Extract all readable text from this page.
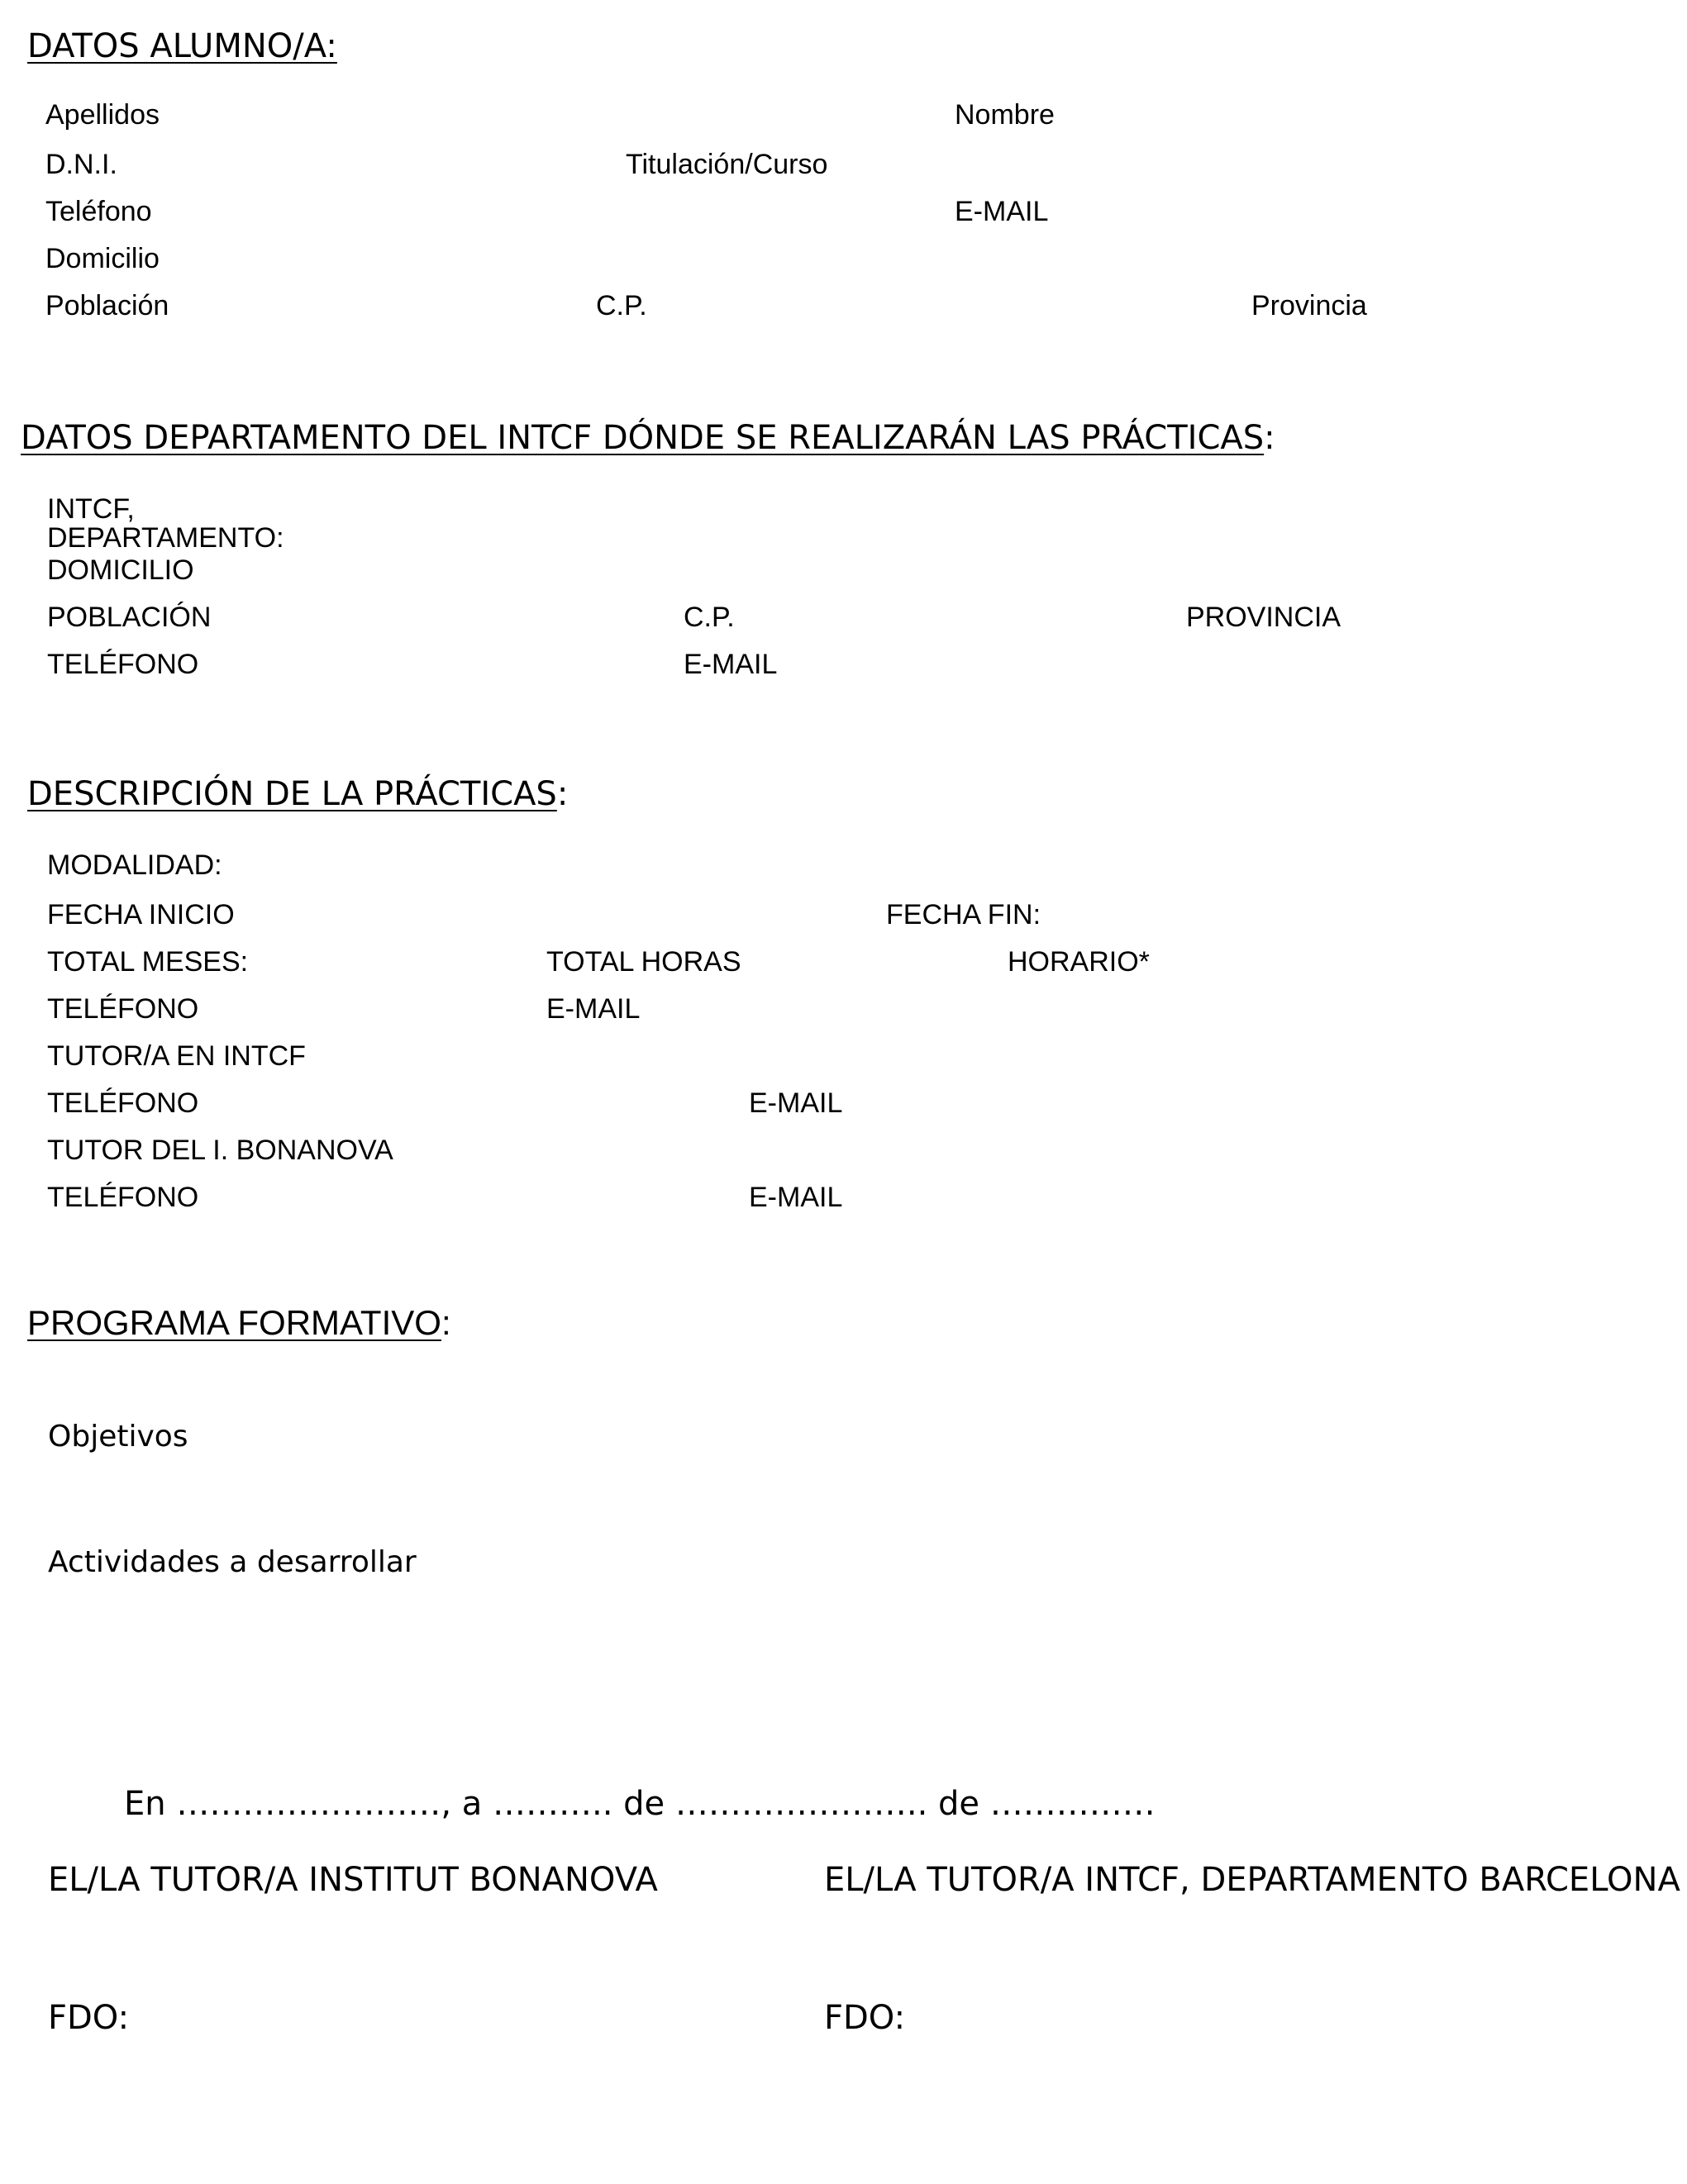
DATOS ALUMNO/A:
Apellidos	Nombre
D.N.I.	Titulación/Curso
Teléfono	E-MAIL
Domicilio
Población	C.P.	Provincia
DATOS DEPARTAMENTO DEL INTCF DÓNDE SE REALIZARÁN LAS PRÁCTICAS:
INTCF,
DEPARTAMENTO:
DOMICILIO
POBLACIÓN	C.P.	PROVINCIA
TELÉFONO	E-MAIL
DESCRIPCIÓN DE LA PRÁCTICAS:
MODALIDAD:
FECHA INICIO	FECHA FIN:
TOTAL MESES:	TOTAL HORAS	HORARIO*
TELÉFONO	E-MAIL
TUTOR/A EN INTCF
TELÉFONO	E-MAIL
TUTOR DEL I. BONANOVA
TELÉFONO	E-MAIL
PROGRAMA FORMATIVO:
Objetivos
Actividades a desarrollar
En ……………………, a ……….. de ………………….. de ……………
EL/LA TUTOR/A INSTITUT BONANOVA	EL/LA TUTOR/A INTCF, DEPARTAMENTO BARCELONA
FDO:	FDO:
